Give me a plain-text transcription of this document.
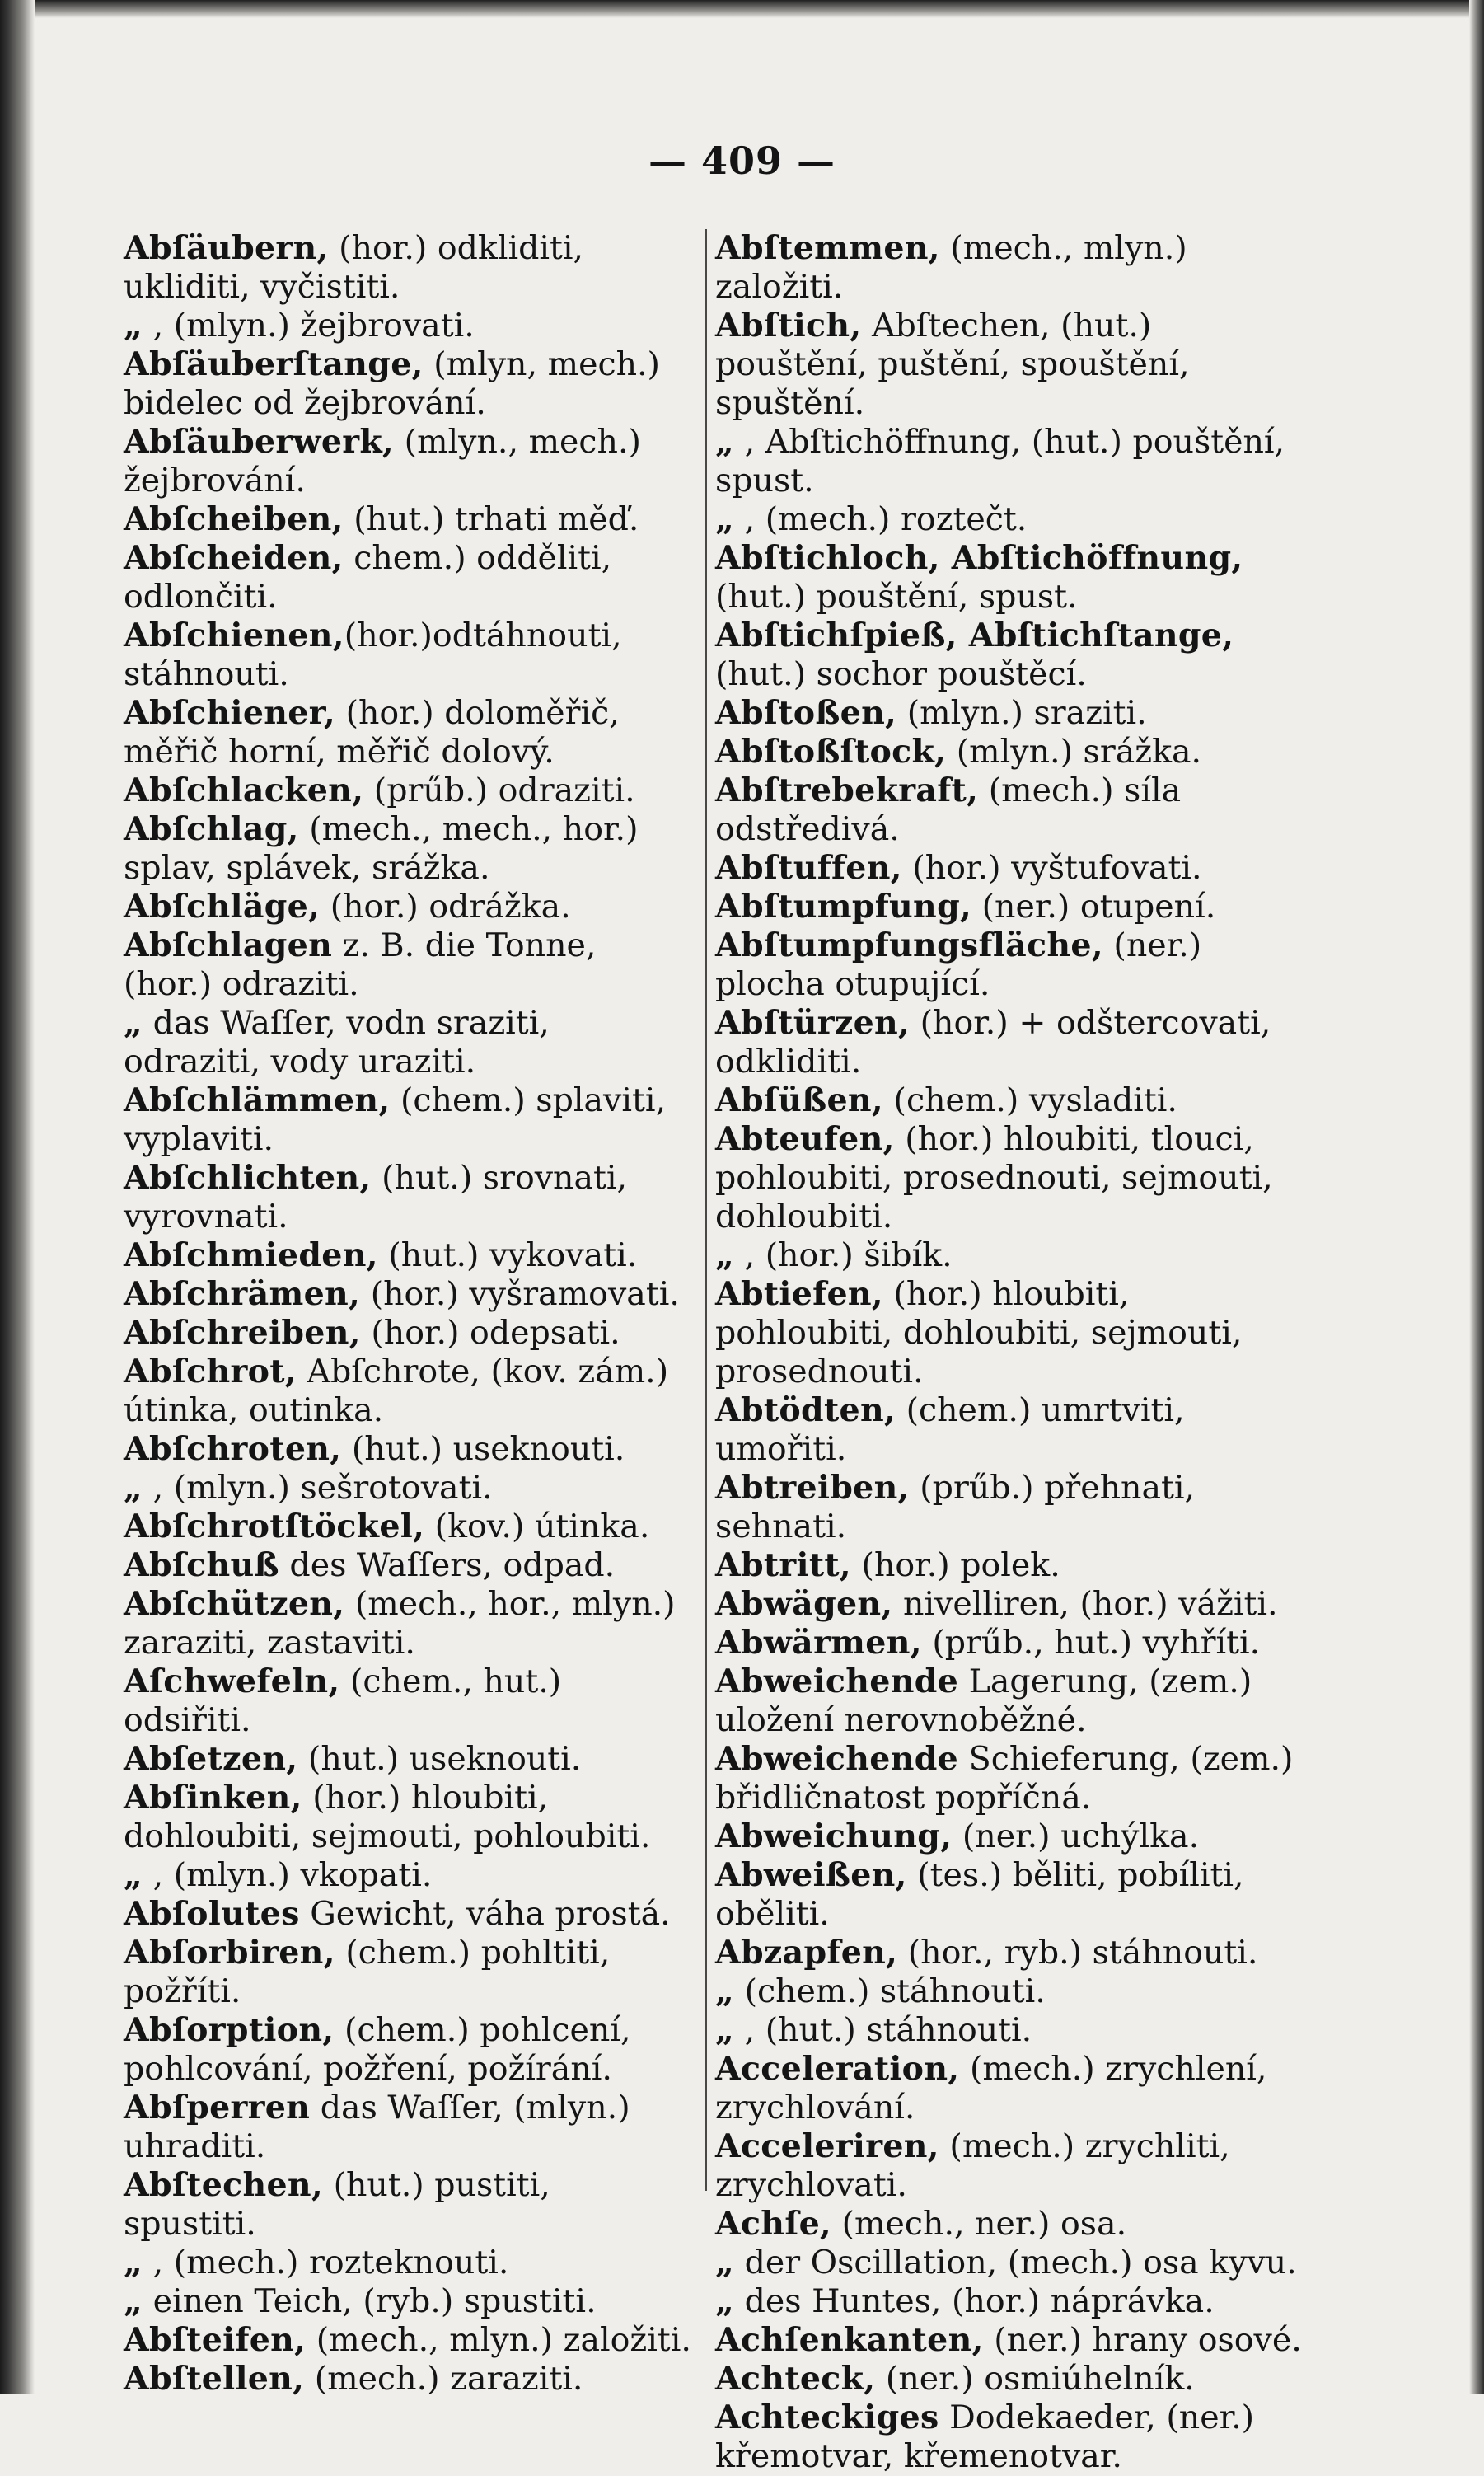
— 409 —

Abſäubern, (hor.) odkliditi, ukliditi, vyčistiti.

„ , (mlyn.) žejbrovati.

Abſäuberſtange, (mlyn, mech.) bidelec od žejbrování.

Abſäuberwerk, (mlyn., mech.) žejbrování.

Abſcheiben, (hut.) trhati měď.

Abſcheiden, chem.) odděliti, odlončiti.

Abſchienen,(hor.)odtáhnouti, stáhnouti.

Abſchiener, (hor.) doloměřič, měřič horní, měřič dolový.

Abſchlacken, (prűb.) odraziti.

Abſchlag, (mech., mech., hor.) splav, splávek, srážka.

Abſchläge, (hor.) odrážka.

Abſchlagen z. B. die Tonne, (hor.) odraziti.

„ das Waſſer, vodn sraziti, odraziti, vody uraziti.

Abſchlämmen, (chem.) splaviti, vyplaviti.

Abſchlichten, (hut.) srovnati, vyrovnati.

Abſchmieden, (hut.) vykovati.

Abſchrämen, (hor.) vyšramovati.

Abſchreiben, (hor.) odepsati.

Abſchrot, Abſchrote, (kov. zám.) útinka, outinka.

Abſchroten, (hut.) useknouti.

„ , (mlyn.) sešrotovati.

Abſchrotſtöckel, (kov.) útinka.

Abſchuß des Waſſers, odpad.

Abſchützen, (mech., hor., mlyn.) zaraziti, zastaviti.

Aſchwefeln, (chem., hut.) odsiřiti.

Abſetzen, (hut.) useknouti.

Abſinken, (hor.) hloubiti, dohloubiti, sejmouti, pohloubiti.

„ , (mlyn.) vkopati.

Abſolutes Gewicht, váha prostá.

Abſorbiren, (chem.) pohltiti, požříti.

Abſorption, (chem.) pohlcení, pohlcování, požření, požírání.

Abſperren das Waſſer, (mlyn.) uhraditi.

Abſtechen, (hut.) pustiti, spustiti.

„ , (mech.) rozteknouti.

„ einen Teich, (ryb.) spustiti.

Abſteifen, (mech., mlyn.) založiti.

Abſtellen, (mech.) zaraziti.

Abſtemmen, (mech., mlyn.) založiti.

Abſtich, Abſtechen, (hut.) pouštění, puštění, spouštění, spuštění.

„ , Abſtichöffnung, (hut.) pouštění, spust.

„ , (mech.) roztečt.

Abſtichloch, Abſtichöffnung, (hut.) pouštění, spust.

Abſtichſpieß, Abſtichſtange, (hut.) sochor pouštěcí.

Abſtoßen, (mlyn.) sraziti.

Abſtoßſtock, (mlyn.) srážka.

Abſtrebekraft, (mech.) síla odstředivá.

Abſtuffen, (hor.) vyštufovati.

Abſtumpfung, (ner.) otupení.

Abſtumpfungsfläche, (ner.) plocha otupující.

Abſtürzen, (hor.) + odštercovati, odkliditi.

Abſüßen, (chem.) vysladiti.

Abteufen, (hor.) hloubiti, tlouci, pohloubiti, prosednouti, sejmouti, dohloubiti.

„ , (hor.) šibík.

Abtiefen, (hor.) hloubiti, pohloubiti, dohloubiti, sejmouti, prosednouti.

Abtödten, (chem.) umrtviti, umořiti.

Abtreiben, (prűb.) přehnati, sehnati.

Abtritt, (hor.) polek.

Abwägen, nivelliren, (hor.) vážiti.

Abwärmen, (prűb., hut.) vyhříti.

Abweichende Lagerung, (zem.) uložení nerovnoběžné.

Abweichende Schieferung, (zem.) břidličnatost popříčná.

Abweichung, (ner.) uchýlka.

Abweißen, (tes.) běliti, pobíliti, oběliti.

Abzapfen, (hor., ryb.) stáhnouti.

„ (chem.) stáhnouti.

„ , (hut.) stáhnouti.

Acceleration, (mech.) zrychlení, zrychlování.

Acceleriren, (mech.) zrychliti, zrychlovati.

Achſe, (mech., ner.) osa.

„ der Oscillation, (mech.) osa kyvu.

„ des Huntes, (hor.) náprávka.

Achſenkanten, (ner.) hrany osové.

Achteck, (ner.) osmiúhelník.

Achteckiges Dodekaeder, (ner.) křemotvar, křemenotvar.
